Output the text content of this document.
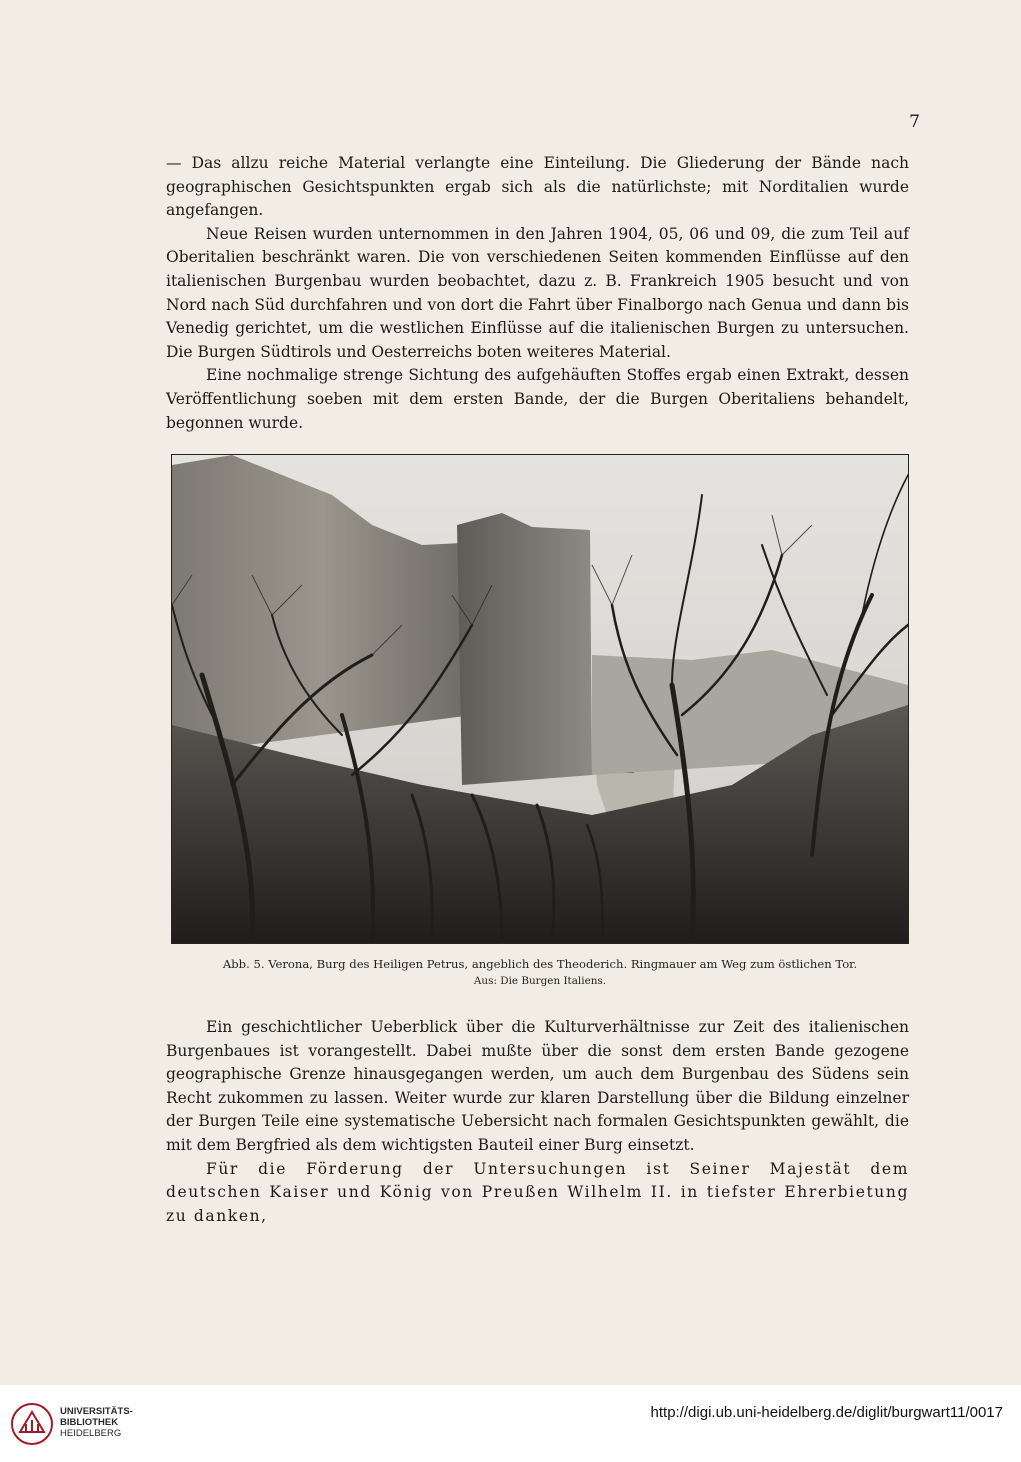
7

— Das allzu reiche Material verlangte eine Einteilung. Die Gliederung der Bände nach geographischen Gesichtspunkten ergab sich als die natürlichste; mit Norditalien wurde angefangen.

Neue Reisen wurden unternommen in den Jahren 1904, 05, 06 und 09, die zum Teil auf Oberitalien beschränkt waren. Die von verschiedenen Seiten kommenden Einflüsse auf den italienischen Burgenbau wurden beobachtet, dazu z. B. Frankreich 1905 besucht und von Nord nach Süd durchfahren und von dort die Fahrt über Finalborgo nach Genua und dann bis Venedig gerichtet, um die westlichen Einflüsse auf die italienischen Burgen zu untersuchen. Die Burgen Südtirols und Oesterreichs boten weiteres Material.

Eine nochmalige strenge Sichtung des aufgehäuften Stoffes ergab einen Extrakt, dessen Veröffentlichung soeben mit dem ersten Bande, der die Burgen Oberitaliens behandelt, begonnen wurde.

Abb. 5. Verona, Burg des Heiligen Petrus, angeblich des Theoderich. Ringmauer am Weg zum östlichen Tor.
Aus: Die Burgen Italiens.

Ein geschichtlicher Ueberblick über die Kulturverhältnisse zur Zeit des italienischen Burgenbaues ist vorangestellt. Dabei mußte über die sonst dem ersten Bande gezogene geographische Grenze hinausgegangen werden, um auch dem Burgenbau des Südens sein Recht zukommen zu lassen. Weiter wurde zur klaren Darstellung über die Bildung einzelner der Burgen Teile eine systematische Uebersicht nach formalen Gesichtspunkten gewählt, die mit dem Bergfried als dem wichtigsten Bauteil einer Burg einsetzt.

Für die Förderung der Untersuchungen ist Seiner Majestät dem deutschen Kaiser und König von Preußen Wilhelm II. in tiefster Ehrerbietung zu danken,

UNIVERSITÄTS-
BIBLIOTHEK
HEIDELBERG
http://digi.ub.uni-heidelberg.de/diglit/burgwart11/0017
